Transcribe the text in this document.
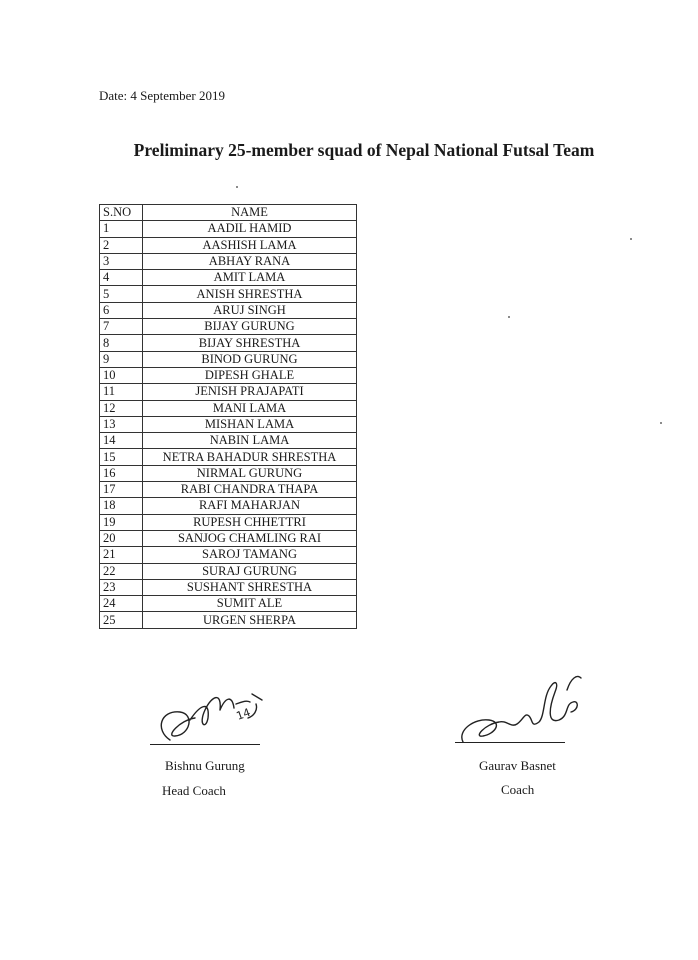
Date: 4 September 2019
Preliminary 25-member squad of Nepal National Futsal Team
S.NO	NAME
1	AADIL HAMID
2	AASHISH LAMA
3	ABHAY RANA
4	AMIT LAMA
5	ANISH SHRESTHA
6	ARUJ SINGH
7	BIJAY GURUNG
8	BIJAY SHRESTHA
9	BINOD GURUNG
10	DIPESH GHALE
11	JENISH PRAJAPATI
12	MANI LAMA
13	MISHAN LAMA
14	NABIN LAMA
15	NETRA BAHADUR SHRESTHA
16	NIRMAL GURUNG
17	RABI CHANDRA THAPA
18	RAFI MAHARJAN
19	RUPESH CHHETTRI
20	SANJOG CHAMLING RAI
21	SAROJ TAMANG
22	SURAJ GURUNG
23	SUSHANT SHRESTHA
24	SUMIT ALE
25	URGEN SHERPA
14
Bishnu Gurung
Head Coach
Gaurav Basnet
Coach
